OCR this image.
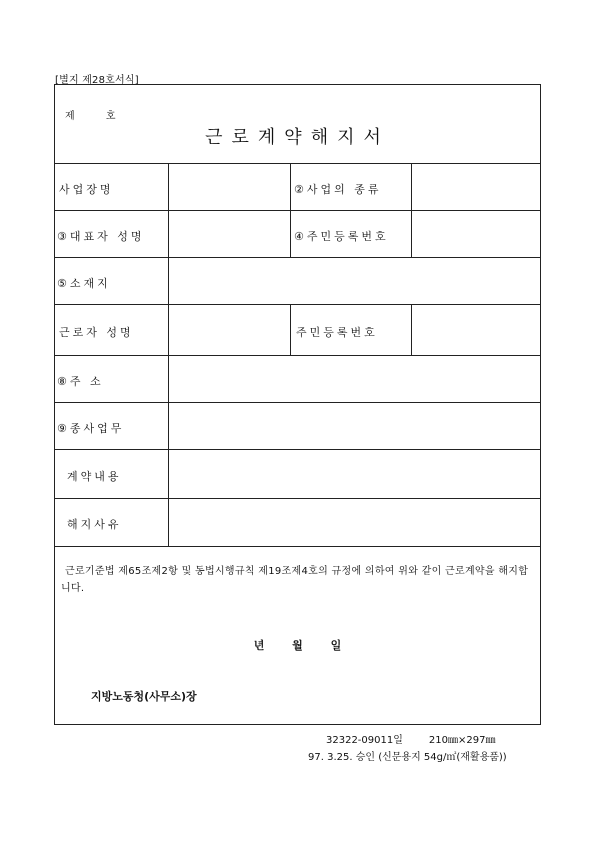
[별지 제28호서식]
제 호
근로계약해지서
사업장명	②사업의 종류
③대표자 성명	④주민등록번호
⑤소재지
근로자 성명	주민등록번호
⑧주 소
⑨종사업무
계약내용
해지사유
근로기준법 제65조제2항 및 동법시행규칙 제19조제4호의 규정에 의하여 위와 같이 근로계약을 해지합니다.
년 월 일
지방노동청(사무소)장
32322-09011일	210㎜×297㎜
97. 3.25. 승인 (신문용지 54g/㎡(재활용품))
